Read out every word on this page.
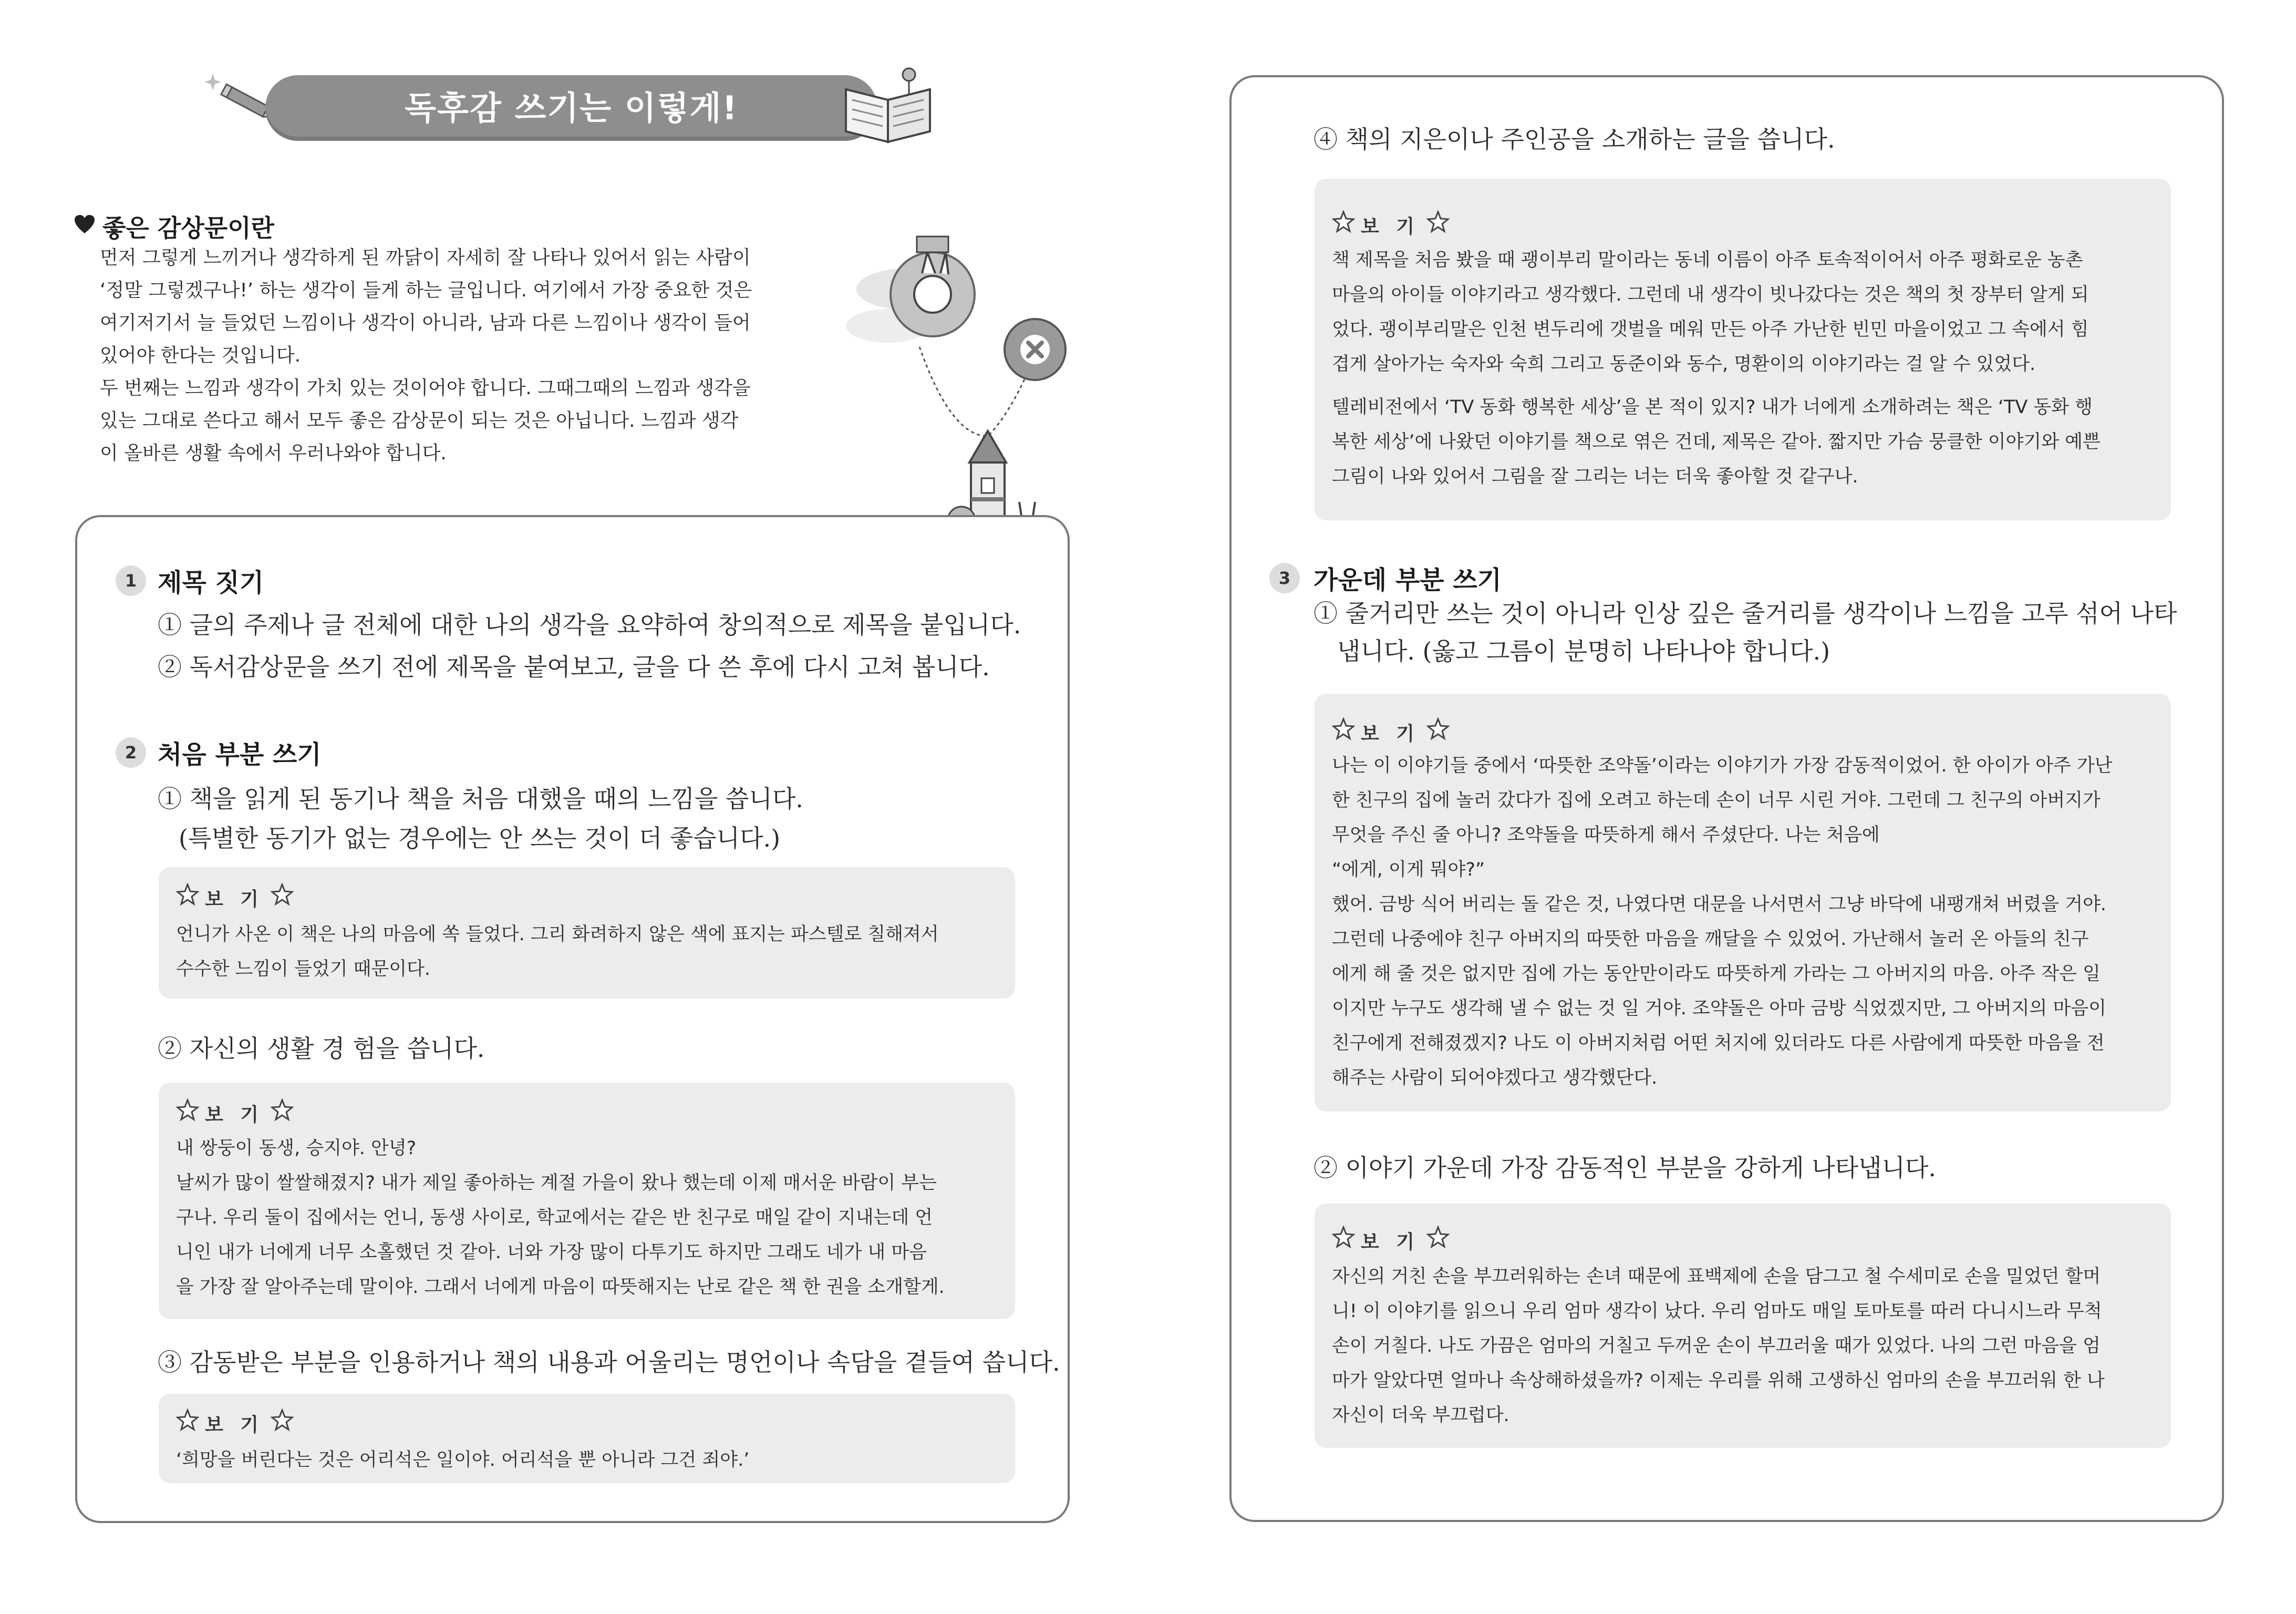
독후감 쓰기는 이렇게!
좋은 감상문이란
먼저 그렇게 느끼거나 생각하게 된 까닭이 자세히 잘 나타나 있어서 읽는 사람이
‘정말 그렇겠구나!’ 하는 생각이 들게 하는 글입니다. 여기에서 가장 중요한 것은
여기저기서 늘 들었던 느낌이나 생각이 아니라, 남과 다른 느낌이나 생각이 들어
있어야 한다는 것입니다.
두 번째는 느낌과 생각이 가치 있는 것이어야 합니다. 그때그때의 느낌과 생각을
있는 그대로 쓴다고 해서 모두 좋은 감상문이 되는 것은 아닙니다. 느낌과 생각
이 올바른 생활 속에서 우러나와야 합니다.
1 제목 짓기
① 글의 주제나 글 전체에 대한 나의 생각을 요약하여 창의적으로 제목을 붙입니다.
② 독서감상문을 쓰기 전에 제목을 붙여보고, 글을 다 쓴 후에 다시 고쳐 봅니다.
2 처음 부분 쓰기
① 책을 읽게 된 동기나 책을 처음 대했을 때의 느낌을 씁니다.
(특별한 동기가 없는 경우에는 안 쓰는 것이 더 좋습니다.)
보 기
언니가 사온 이 책은 나의 마음에 쏙 들었다. 그리 화려하지 않은 색에 표지는 파스텔로 칠해져서
수수한 느낌이 들었기 때문이다.
② 자신의 생활 경 험을 씁니다.
보 기
내 쌍둥이 동생, 승지야. 안녕?
날씨가 많이 쌀쌀해졌지? 내가 제일 좋아하는 계절 가을이 왔나 했는데 이제 매서운 바람이 부는
구나. 우리 둘이 집에서는 언니, 동생 사이로, 학교에서는 같은 반 친구로 매일 같이 지내는데 언
니인 내가 너에게 너무 소홀했던 것 같아. 너와 가장 많이 다투기도 하지만 그래도 네가 내 마음
을 가장 잘 알아주는데 말이야. 그래서 너에게 마음이 따뜻해지는 난로 같은 책 한 권을 소개할게.
③ 감동받은 부분을 인용하거나 책의 내용과 어울리는 명언이나 속담을 곁들여 씁니다.
보 기
‘희망을 버린다는 것은 어리석은 일이야. 어리석을 뿐 아니라 그건 죄야.’
④ 책의 지은이나 주인공을 소개하는 글을 씁니다.
보 기
책 제목을 처음 봤을 때 괭이부리 말이라는 동네 이름이 아주 토속적이어서 아주 평화로운 농촌
마을의 아이들 이야기라고 생각했다. 그런데 내 생각이 빗나갔다는 것은 책의 첫 장부터 알게 되
었다. 괭이부리말은 인천 변두리에 갯벌을 메워 만든 아주 가난한 빈민 마을이었고 그 속에서 힘
겹게 살아가는 숙자와 숙희 그리고 동준이와 동수, 명환이의 이야기라는 걸 알 수 있었다.
텔레비전에서 ‘TV 동화 행복한 세상’을 본 적이 있지? 내가 너에게 소개하려는 책은 ‘TV 동화 행
복한 세상’에 나왔던 이야기를 책으로 엮은 건데, 제목은 같아. 짧지만 가슴 뭉클한 이야기와 예쁜
그림이 나와 있어서 그림을 잘 그리는 너는 더욱 좋아할 것 같구나.
3 가운데 부분 쓰기
① 줄거리만 쓰는 것이 아니라 인상 깊은 줄거리를 생각이나 느낌을 고루 섞어 나타
냅니다. (옳고 그름이 분명히 나타나야 합니다.)
보 기
나는 이 이야기들 중에서 ‘따뜻한 조약돌’이라는 이야기가 가장 감동적이었어. 한 아이가 아주 가난
한 친구의 집에 놀러 갔다가 집에 오려고 하는데 손이 너무 시린 거야. 그런데 그 친구의 아버지가
무엇을 주신 줄 아니? 조약돌을 따뜻하게 해서 주셨단다. 나는 처음에
“에게, 이게 뭐야?”
했어. 금방 식어 버리는 돌 같은 것, 나였다면 대문을 나서면서 그냥 바닥에 내팽개쳐 버렸을 거야.
그런데 나중에야 친구 아버지의 따뜻한 마음을 깨달을 수 있었어. 가난해서 놀러 온 아들의 친구
에게 해 줄 것은 없지만 집에 가는 동안만이라도 따뜻하게 가라는 그 아버지의 마음. 아주 작은 일
이지만 누구도 생각해 낼 수 없는 것 일 거야. 조약돌은 아마 금방 식었겠지만, 그 아버지의 마음이
친구에게 전해졌겠지? 나도 이 아버지처럼 어떤 처지에 있더라도 다른 사람에게 따뜻한 마음을 전
해주는 사람이 되어야겠다고 생각했단다.
② 이야기 가운데 가장 감동적인 부분을 강하게 나타냅니다.
보 기
자신의 거친 손을 부끄러워하는 손녀 때문에 표백제에 손을 담그고 철 수세미로 손을 밀었던 할머
니! 이 이야기를 읽으니 우리 엄마 생각이 났다. 우리 엄마도 매일 토마토를 따러 다니시느라 무척
손이 거칠다. 나도 가끔은 엄마의 거칠고 두꺼운 손이 부끄러울 때가 있었다. 나의 그런 마음을 엄
마가 알았다면 얼마나 속상해하셨을까? 이제는 우리를 위해 고생하신 엄마의 손을 부끄러워 한 나
자신이 더욱 부끄럽다.
